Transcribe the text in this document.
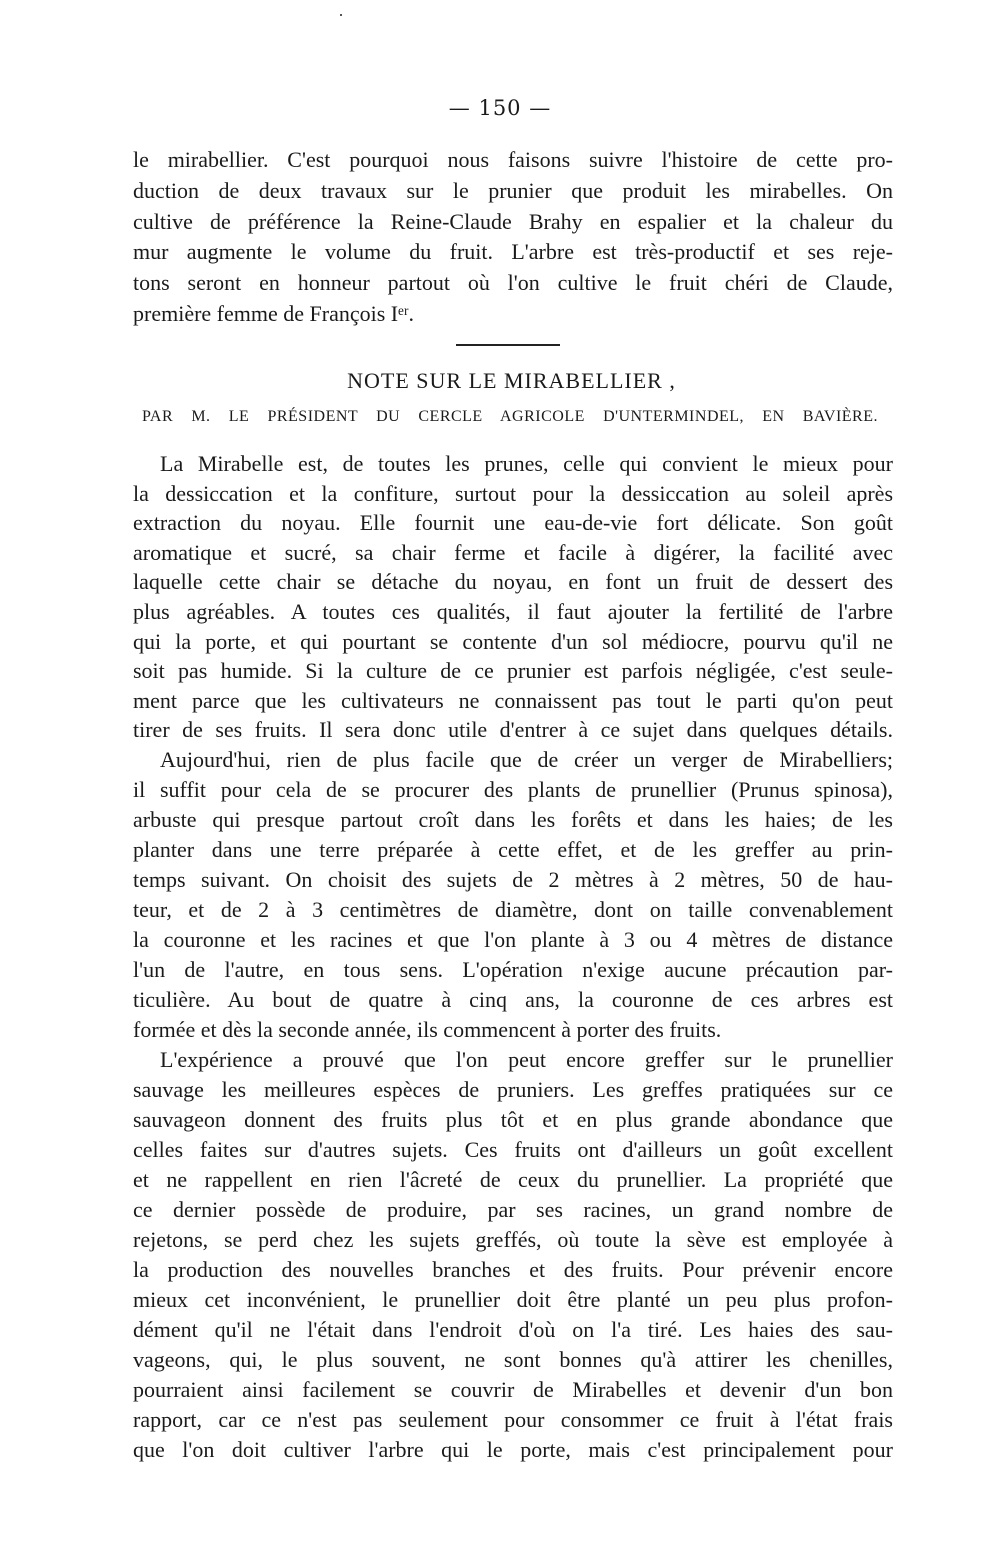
— 150 —
le mirabellier. C'est pourquoi nous faisons suivre l'histoire de cette pro-
duction de deux travaux sur le prunier que produit les mirabelles. On
cultive de préférence la Reine-Claude Brahy en espalier et la chaleur du
mur augmente le volume du fruit. L'arbre est très-productif et ses reje-
tons seront en honneur partout où l'on cultive le fruit chéri de Claude,
première femme de François Iᵉʳ.
NOTE SUR LE MIRABELLIER ,
PAR M. LE PRÉSIDENT DU CERCLE AGRICOLE D'UNTERMINDEL, EN BAVIÈRE.
La Mirabelle est, de toutes les prunes, celle qui convient le mieux pour
la dessiccation et la confiture, surtout pour la dessiccation au soleil après
extraction du noyau. Elle fournit une eau-de-vie fort délicate. Son goût
aromatique et sucré, sa chair ferme et facile à digérer, la facilité avec
laquelle cette chair se détache du noyau, en font un fruit de dessert des
plus agréables. A toutes ces qualités, il faut ajouter la fertilité de l'arbre
qui la porte, et qui pourtant se contente d'un sol médiocre, pourvu qu'il ne
soit pas humide. Si la culture de ce prunier est parfois négligée, c'est seule-
ment parce que les cultivateurs ne connaissent pas tout le parti qu'on peut
tirer de ses fruits. Il sera donc utile d'entrer à ce sujet dans quelques détails.
Aujourd'hui, rien de plus facile que de créer un verger de Mirabelliers;
il suffit pour cela de se procurer des plants de prunellier (Prunus spinosa),
arbuste qui presque partout croît dans les forêts et dans les haies; de les
planter dans une terre préparée à cette effet, et de les greffer au prin-
temps suivant. On choisit des sujets de 2 mètres à 2 mètres, 50 de hau-
teur, et de 2 à 3 centimètres de diamètre, dont on taille convenablement
la couronne et les racines et que l'on plante à 3 ou 4 mètres de distance
l'un de l'autre, en tous sens. L'opération n'exige aucune précaution par-
ticulière. Au bout de quatre à cinq ans, la couronne de ces arbres est
formée et dès la seconde année, ils commencent à porter des fruits.
L'expérience a prouvé que l'on peut encore greffer sur le prunellier
sauvage les meilleures espèces de pruniers. Les greffes pratiquées sur ce
sauvageon donnent des fruits plus tôt et en plus grande abondance que
celles faites sur d'autres sujets. Ces fruits ont d'ailleurs un goût excellent
et ne rappellent en rien l'âcreté de ceux du prunellier. La propriété que
ce dernier possède de produire, par ses racines, un grand nombre de
rejetons, se perd chez les sujets greffés, où toute la sève est employée à
la production des nouvelles branches et des fruits. Pour prévenir encore
mieux cet inconvénient, le prunellier doit être planté un peu plus profon-
dément qu'il ne l'était dans l'endroit d'où on l'a tiré. Les haies des sau-
vageons, qui, le plus souvent, ne sont bonnes qu'à attirer les chenilles,
pourraient ainsi facilement se couvrir de Mirabelles et devenir d'un bon
rapport, car ce n'est pas seulement pour consommer ce fruit à l'état frais
que l'on doit cultiver l'arbre qui le porte, mais c'est principalement pour
